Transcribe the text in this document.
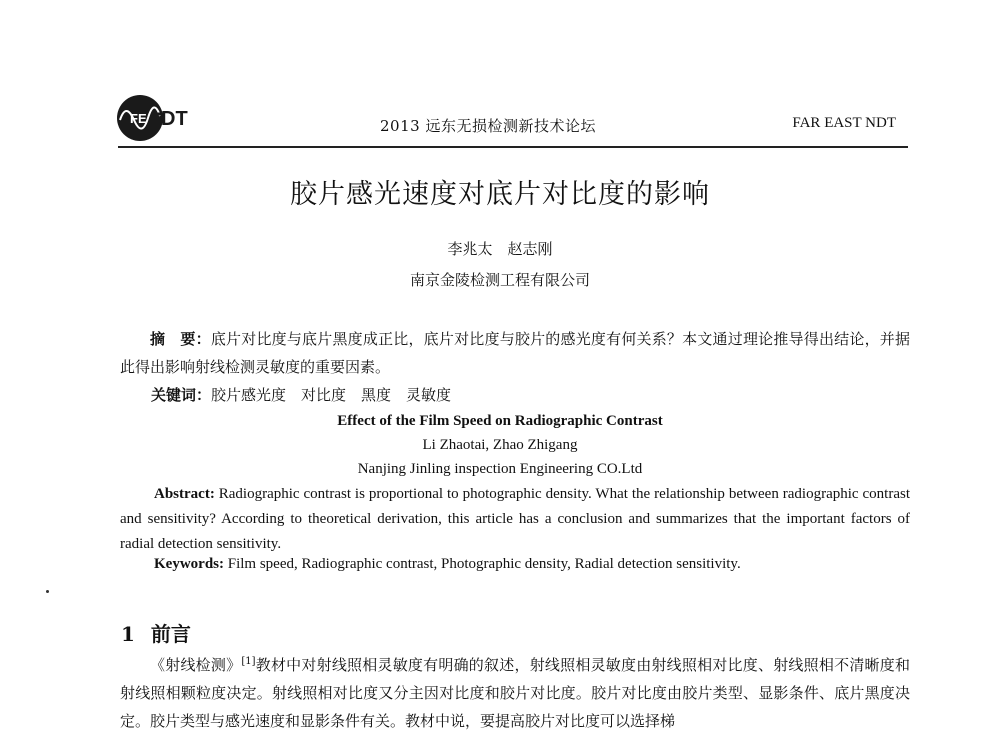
FE DT	2013 远东无损检测新技术论坛	FAR EAST NDT
胶片感光速度对底片对比度的影响
李兆太　赵志刚
南京金陵检测工程有限公司
摘　要：底片对比度与底片黑度成正比，底片对比度与胶片的感光度有何关系？本文通过理论推导得出结论，并据此得出影响射线检测灵敏度的重要因素。
关键词：胶片感光度　对比度　黑度　灵敏度
Effect of the Film Speed on Radiographic Contrast
Li Zhaotai, Zhao Zhigang
Nanjing Jinling inspection Engineering CO.Ltd
Abstract: Radiographic contrast is proportional to photographic density. What the relationship between radiographic contrast and sensitivity? According to theoretical derivation, this article has a conclusion and summarizes that the important factors of radial detection sensitivity.
Keywords: Film speed, Radiographic contrast, Photographic density, Radial detection sensitivity.
1 前言
《射线检测》[1]教材中对射线照相灵敏度有明确的叙述，射线照相灵敏度由射线照相对比度、射线照相不清晰度和射线照相颗粒度决定。射线照相对比度又分主因对比度和胶片对比度。胶片对比度由胶片类型、显影条件、底片黑度决定。胶片类型与感光速度和显影条件有关。教材中说，要提高胶片对比度可以选择梯
